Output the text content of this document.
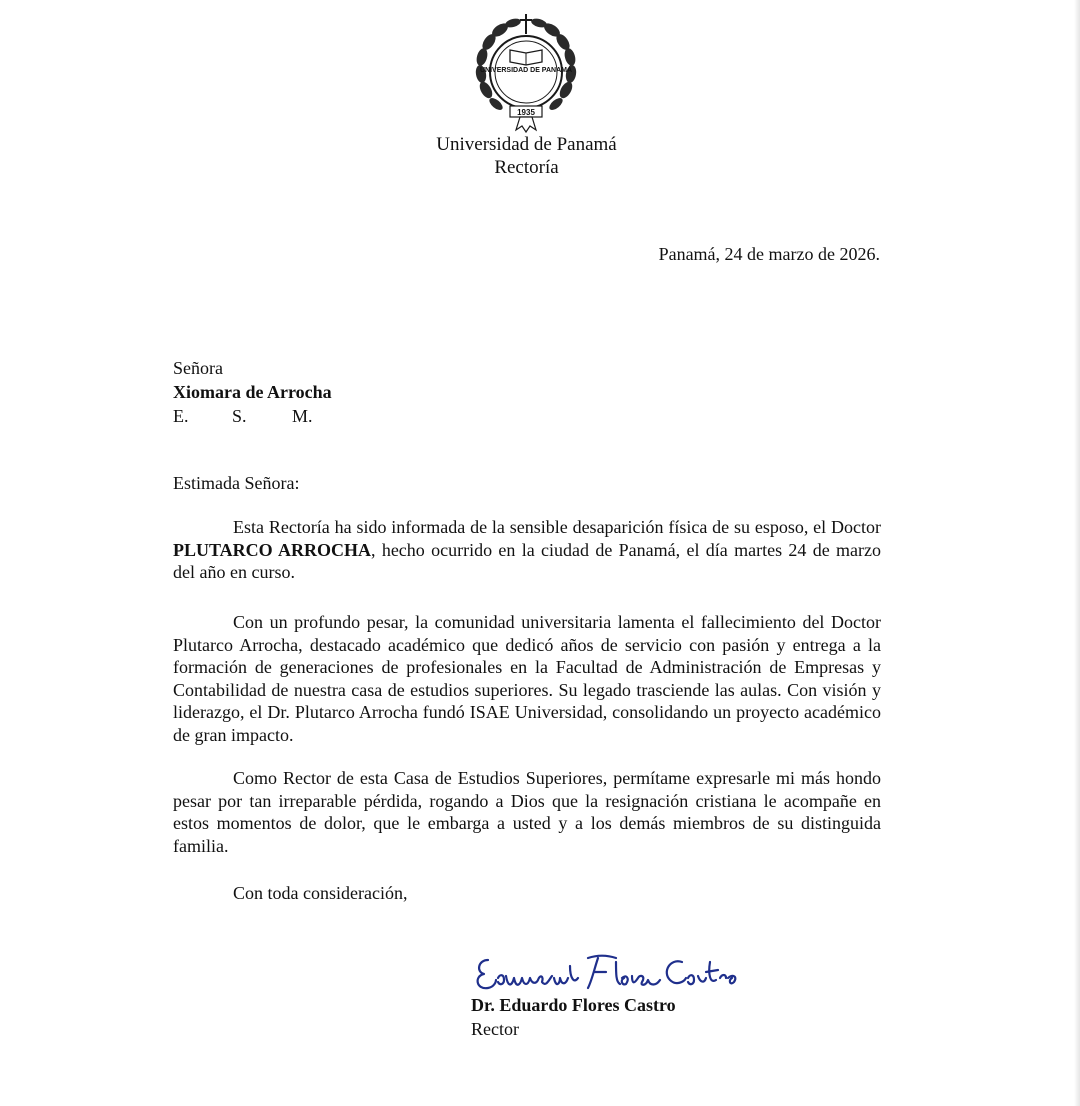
UNIVERSIDAD DE PANAMÁ
1935
Universidad de Panamá
Rectoría
Panamá, 24 de marzo de 2026.
Señora
Xiomara de Arrocha
E. S.	M.
Estimada Señora:

Esta Rectoría ha sido informada de la sensible desaparición física de su esposo, el Doctor PLUTARCO ARROCHA, hecho ocurrido en la ciudad de Panamá, el día martes 24 de marzo del año en curso.

Con un profundo pesar, la comunidad universitaria lamenta el fallecimiento del Doctor Plutarco Arrocha, destacado académico que dedicó años de servicio con pasión y entrega a la formación de generaciones de profesionales en la Facultad de Administración de Empresas y Contabilidad de nuestra casa de estudios superiores. Su legado trasciende las aulas. Con visión y liderazgo, el Dr. Plutarco Arrocha fundó ISAE Universidad, consolidando un proyecto académico de gran impacto.

Como Rector de esta Casa de Estudios Superiores, permítame expresarle mi más hondo pesar por tan irreparable pérdida, rogando a Dios que la resignación cristiana le acompañe en estos momentos de dolor, que le embarga a usted y a los demás miembros de su distinguida familia.

Con toda consideración,
Dr. Eduardo Flores Castro
Rector
